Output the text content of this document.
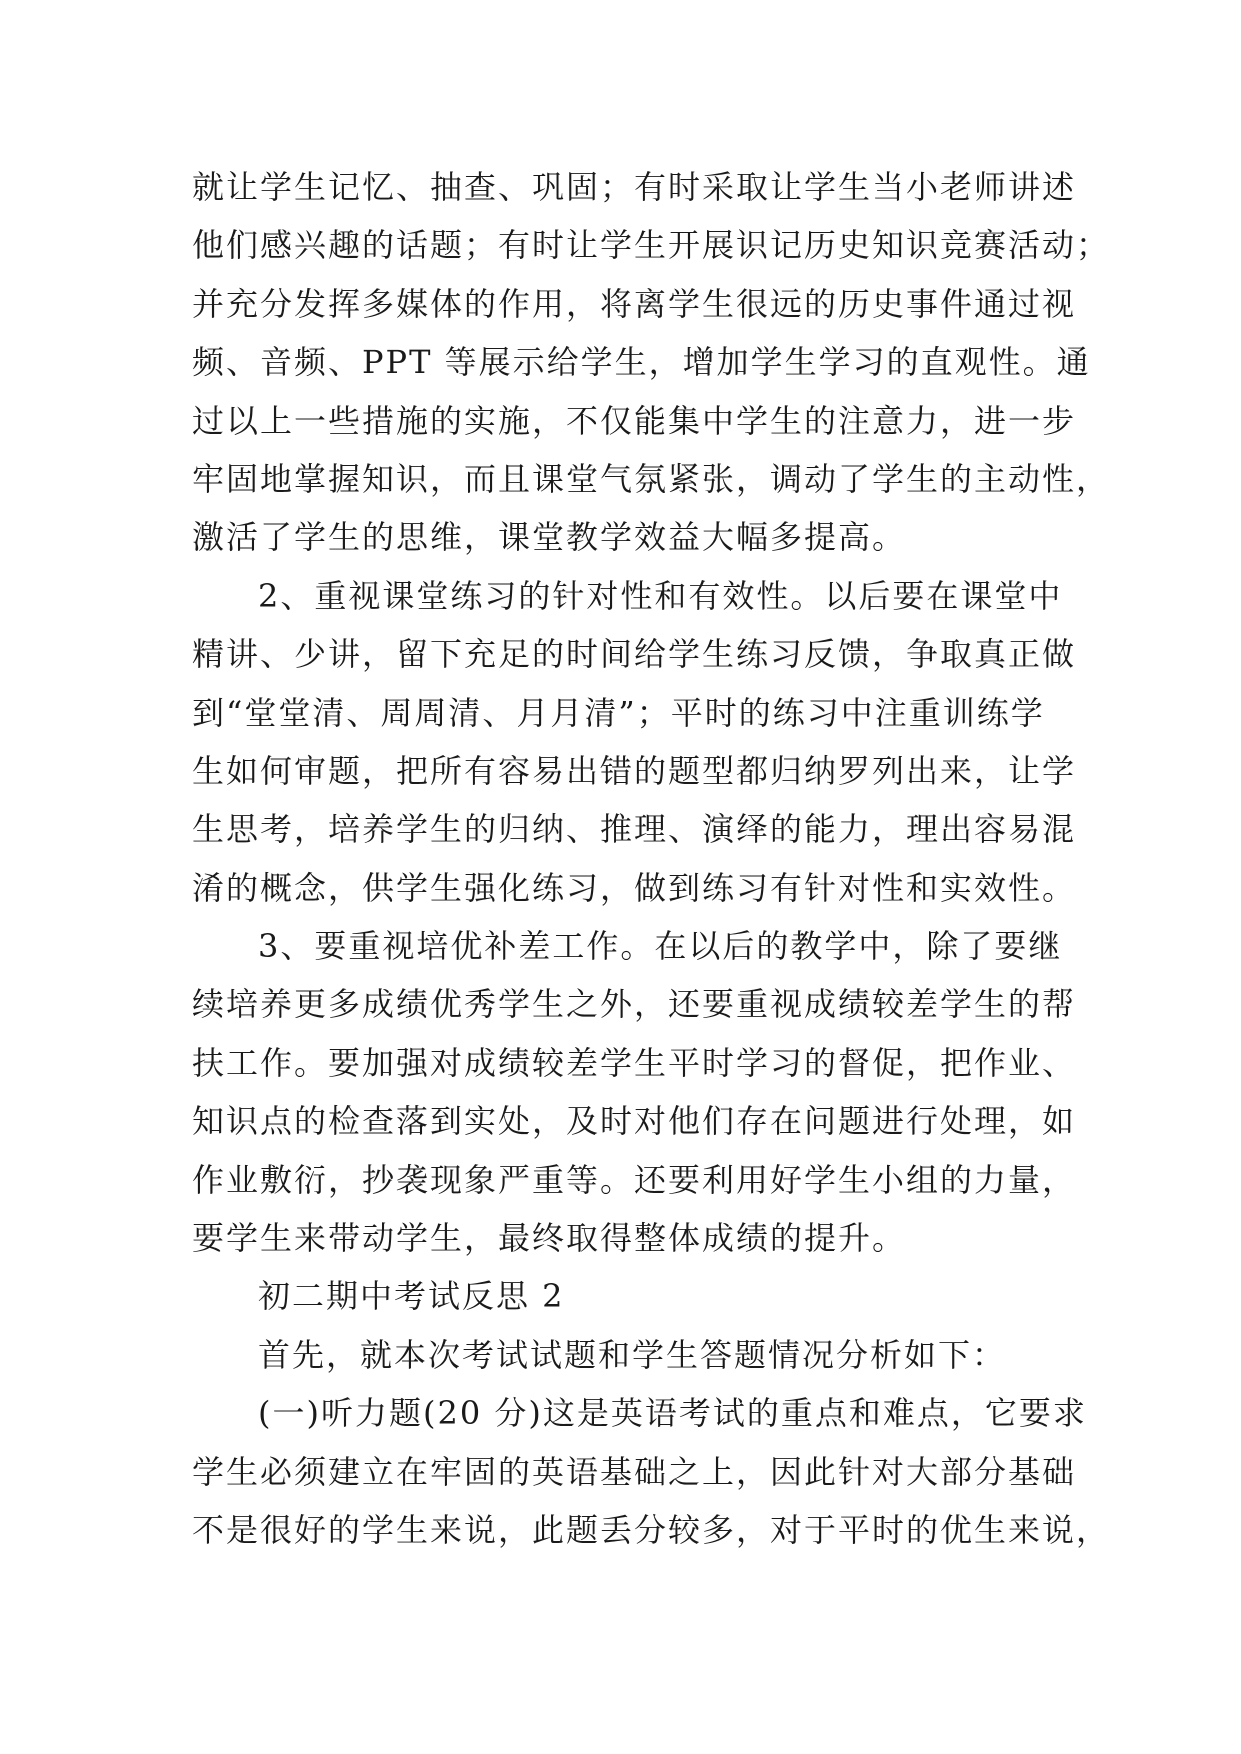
就让学生记忆、抽查、巩固；有时采取让学生当小老师讲述
他们感兴趣的话题；有时让学生开展识记历史知识竞赛活动；
并充分发挥多媒体的作用，将离学生很远的历史事件通过视
频、音频、PPT 等展示给学生，增加学生学习的直观性。通
过以上一些措施的实施，不仅能集中学生的注意力，进一步
牢固地掌握知识，而且课堂气氛紧张，调动了学生的主动性，
激活了学生的思维，课堂教学效益大幅多提高。
2、重视课堂练习的针对性和有效性。以后要在课堂中
精讲、少讲，留下充足的时间给学生练习反馈，争取真正做
到“堂堂清、周周清、月月清”；平时的练习中注重训练学
生如何审题，把所有容易出错的题型都归纳罗列出来，让学
生思考，培养学生的归纳、推理、演绎的能力，理出容易混
淆的概念，供学生强化练习，做到练习有针对性和实效性。
3、要重视培优补差工作。在以后的教学中，除了要继
续培养更多成绩优秀学生之外，还要重视成绩较差学生的帮
扶工作。要加强对成绩较差学生平时学习的督促，把作业、
知识点的检查落到实处，及时对他们存在问题进行处理，如
作业敷衍，抄袭现象严重等。还要利用好学生小组的力量，
要学生来带动学生，最终取得整体成绩的提升。
初二期中考试反思 2
首先，就本次考试试题和学生答题情况分析如下：
(一)听力题(20 分)这是英语考试的重点和难点，它要求
学生必须建立在牢固的英语基础之上，因此针对大部分基础
不是很好的学生来说，此题丢分较多，对于平时的优生来说，
